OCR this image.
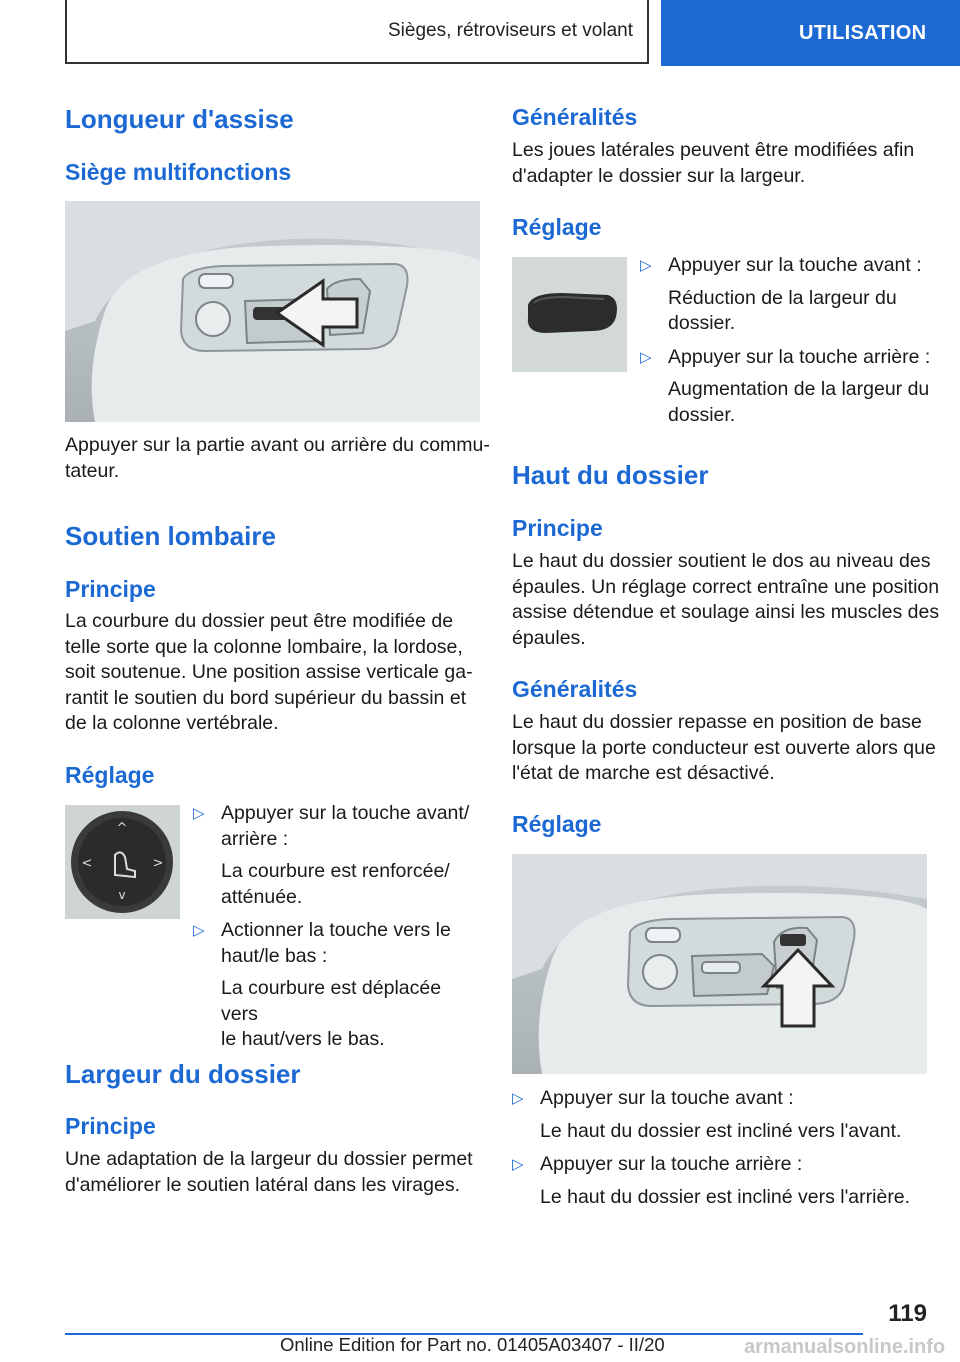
Sièges, rétroviseurs et volant	UTILISATION
Longueur d'assise
Siège multifonctions
Appuyer sur la partie avant ou arrière du commu-
tateur.
Soutien lombaire
Principe
La courbure du dossier peut être modifiée de
telle sorte que la colonne lombaire, la lordose,
soit soutenue. Une position assise verticale ga-
rantit le soutien du bord supérieur du bassin et
de la colonne vertébrale.
Réglage
^
v
<	>
▷ Appuyer sur la touche avant/
arrière :
La courbure est renforcée/
atténuée.
▷ Actionner la touche vers le
haut/le bas :
La courbure est déplacée vers
le haut/vers le bas.
Largeur du dossier
Principe
Une adaptation de la largeur du dossier permet
d'améliorer le soutien latéral dans les virages.
Généralités
Les joues latérales peuvent être modifiées afin
d'adapter le dossier sur la largeur.
Réglage
▷ Appuyer sur la touche avant :
Réduction de la largeur du
dossier.
▷ Appuyer sur la touche arrière :
Augmentation de la largeur du
dossier.
Haut du dossier
Principe
Le haut du dossier soutient le dos au niveau des
épaules. Un réglage correct entraîne une position
assise détendue et soulage ainsi les muscles des
épaules.
Généralités
Le haut du dossier repasse en position de base
lorsque la porte conducteur est ouverte alors que
l'état de marche est désactivé.
Réglage
▷ Appuyer sur la touche avant :
Le haut du dossier est incliné vers l'avant.
▷ Appuyer sur la touche arrière :
Le haut du dossier est incliné vers l'arrière.
119
Online Edition for Part no. 01405A03407 - II/20	armanualsonline.info
